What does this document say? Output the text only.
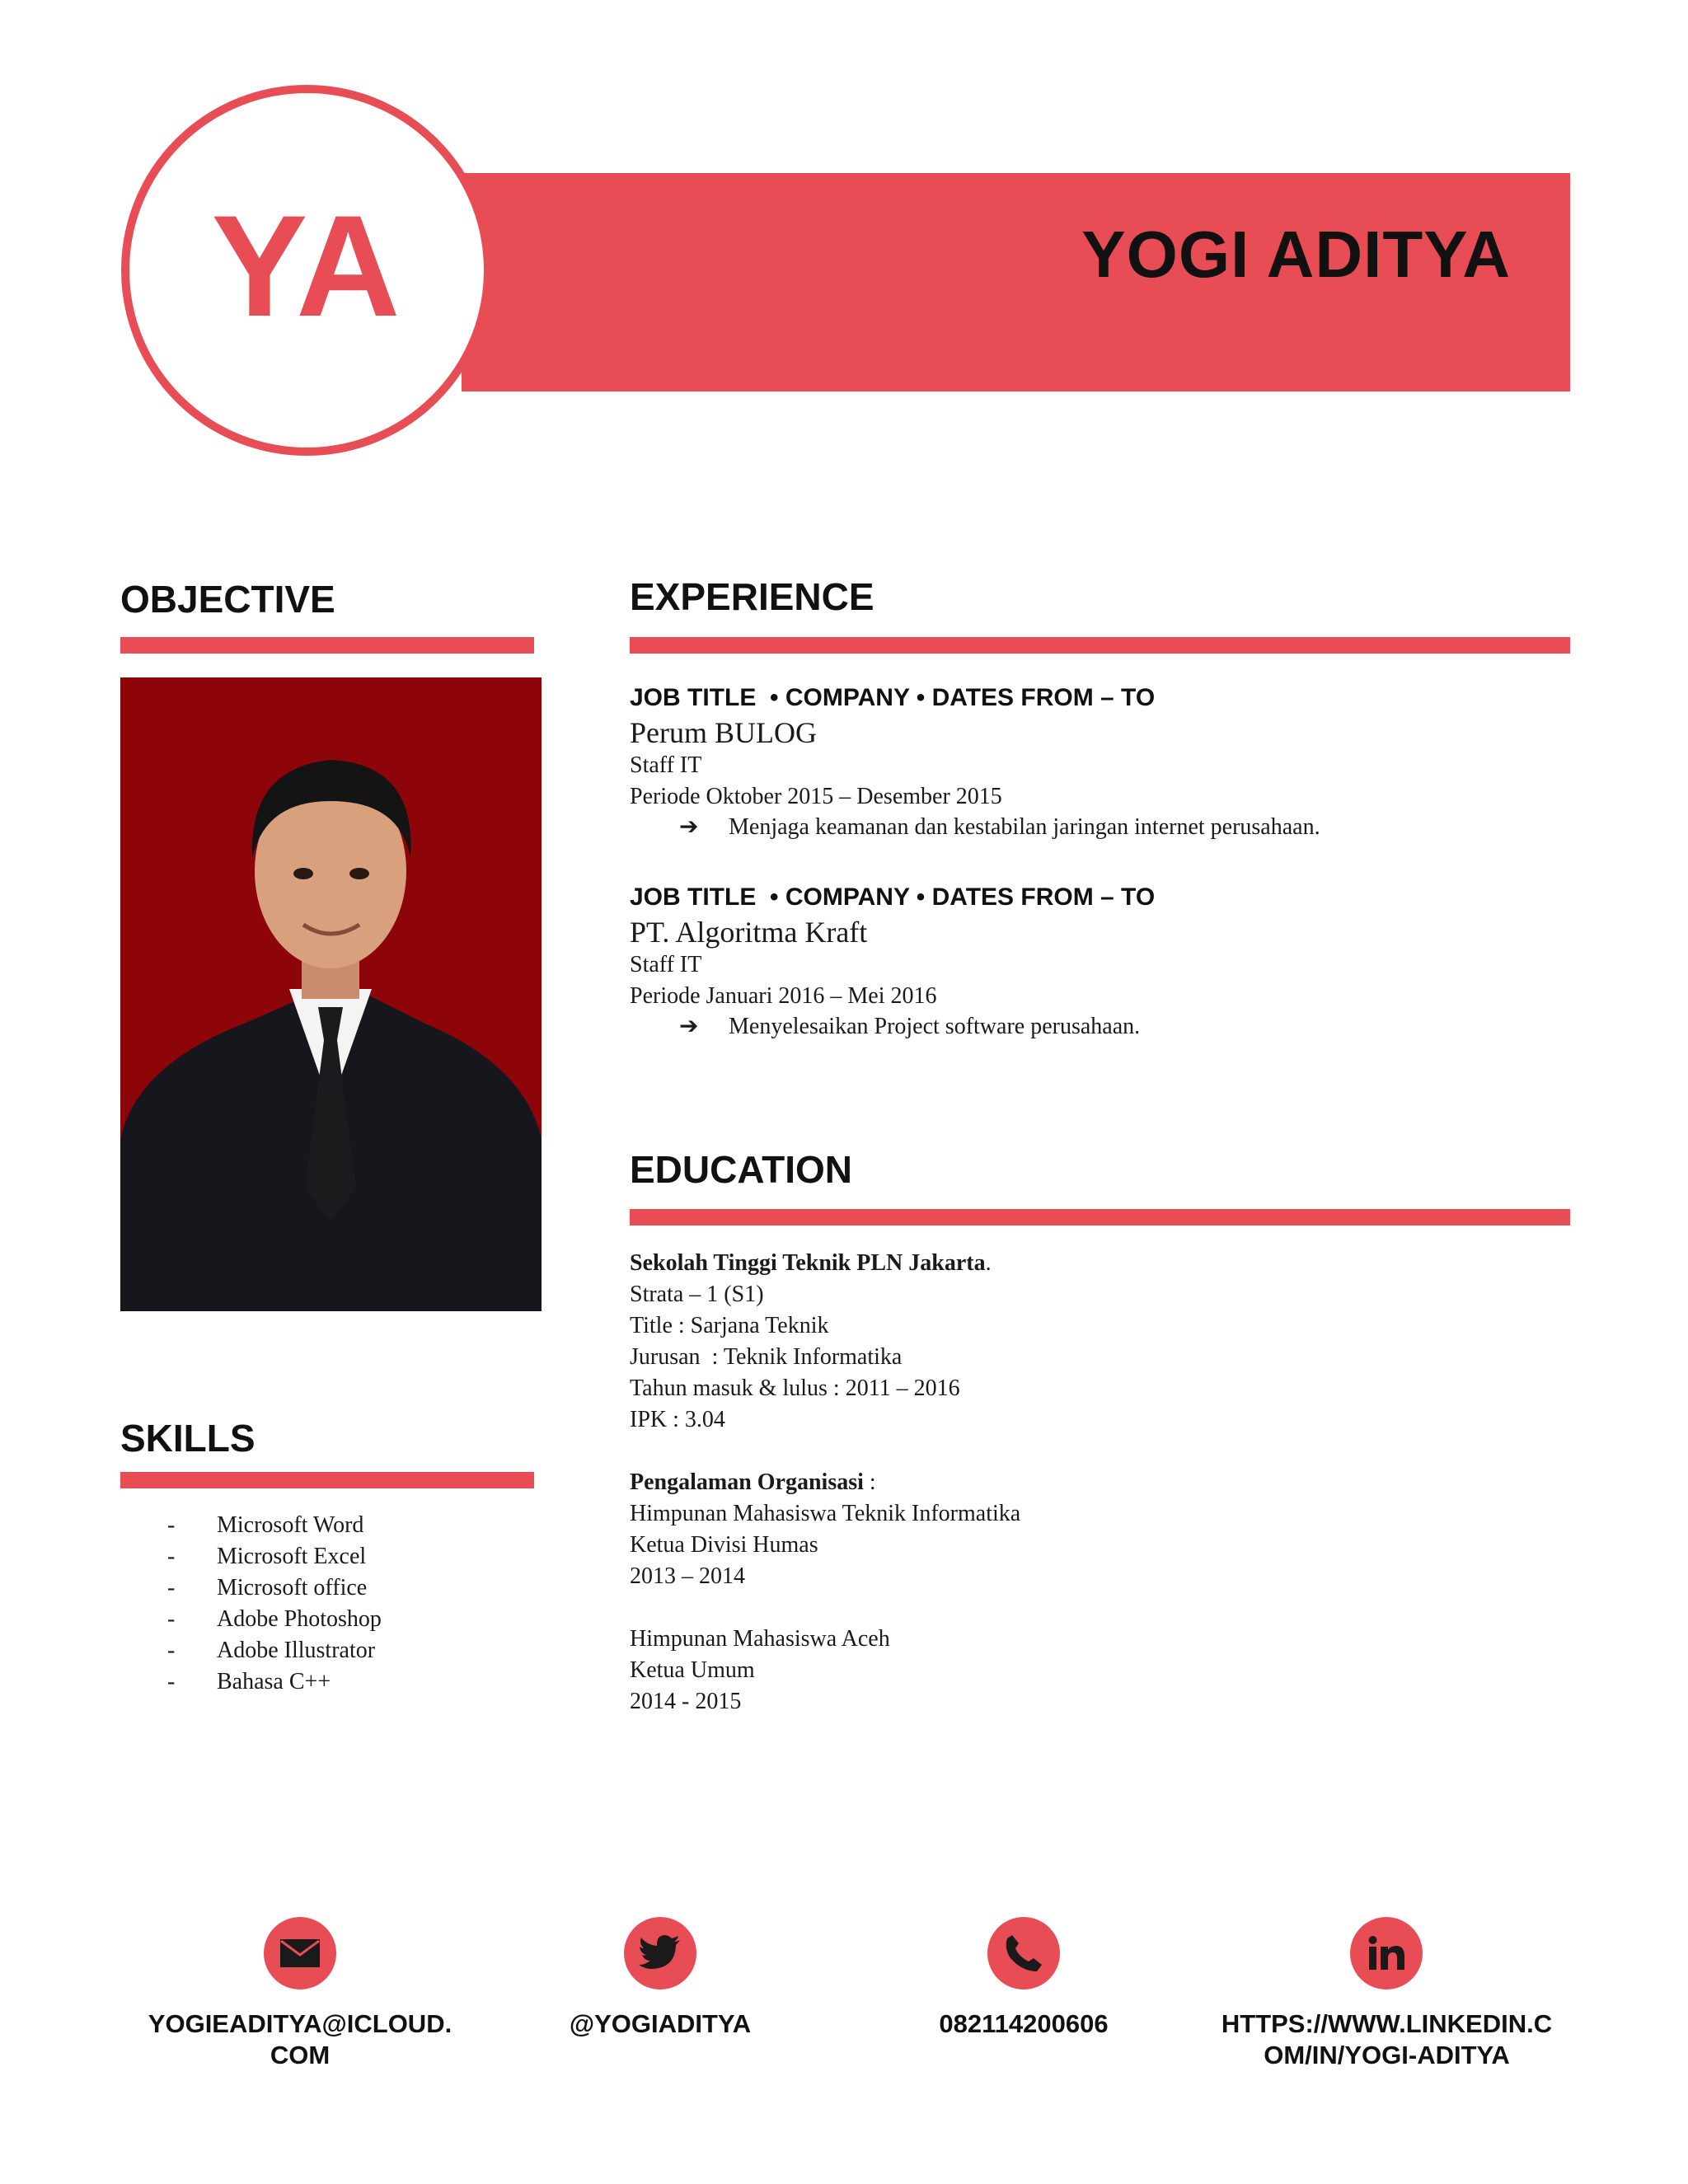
YA	YOGI ADITYA
OBJECTIVE
SKILLS
- Microsoft Word
- Microsoft Excel
- Microsoft office
- Adobe Photoshop
- Adobe Illustrator
- Bahasa C++
EXPERIENCE
JOB TITLE  • COMPANY • DATES FROM – TO
Perum BULOG
Staff IT
Periode Oktober 2015 – Desember 2015
➔ Menjaga keamanan dan kestabilan jaringan internet perusahaan.
JOB TITLE  • COMPANY • DATES FROM – TO
PT. Algoritma Kraft
Staff IT
Periode Januari 2016 – Mei 2016
➔ Menyelesaikan Project software perusahaan.
EDUCATION

Sekolah Tinggi Teknik PLN Jakarta.

Strata – 1 (S1)

Title : Sarjana Teknik

Jurusan  : Teknik Informatika

Tahun masuk & lulus : 2011 – 2016

IPK : 3.04

Pengalaman Organisasi :

Himpunan Mahasiswa Teknik Informatika

Ketua Divisi Humas

2013 – 2014

Himpunan Mahasiswa Aceh

Ketua Umum

2014 - 2015

YOGIEADITYA@ICLOUD.COM
@YOGIADITYA	082114200606	HTTPS://WWW.LINKEDIN.COM/IN/YOGI-ADITYA
